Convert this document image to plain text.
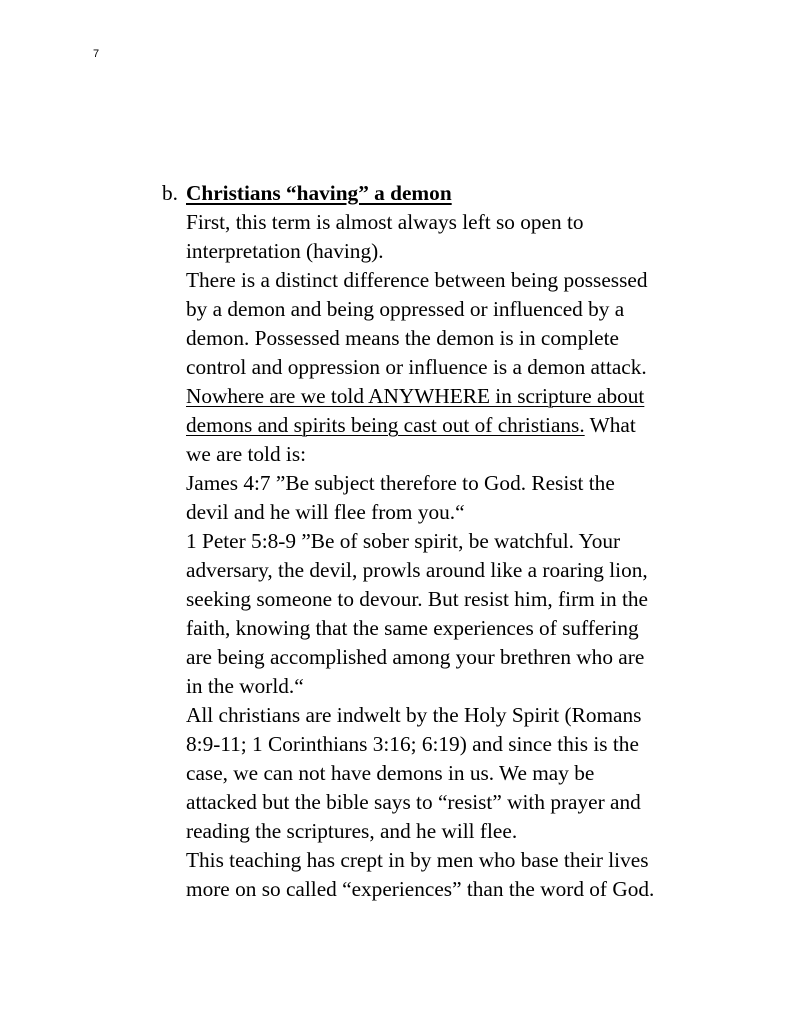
7
b. Christians “having” a demon
First, this term is almost always left so open to
interpretation (having).
There is a distinct difference between being possessed
by a demon and being oppressed or influenced by a
demon. Possessed means the demon is in complete
control and oppression or influence is a demon attack.
Nowhere are we told ANYWHERE in scripture about
demons and spirits being cast out of christians. What
we are told is:
James 4:7 ”Be subject therefore to God. Resist the
devil and he will flee from you.“
1 Peter 5:8-9 ”Be of sober spirit, be watchful. Your
adversary, the devil, prowls around like a roaring lion,
seeking someone to devour. But resist him, firm in the
faith, knowing that the same experiences of suffering
are being accomplished among your brethren who are
in the world.“
All christians are indwelt by the Holy Spirit (Romans
8:9-11; 1 Corinthians 3:16; 6:19) and since this is the
case, we can not have demons in us. We may be
attacked but the bible says to “resist” with prayer and
reading the scriptures, and he will flee.
This teaching has crept in by men who base their lives
more on so called “experiences” than the word of God.
